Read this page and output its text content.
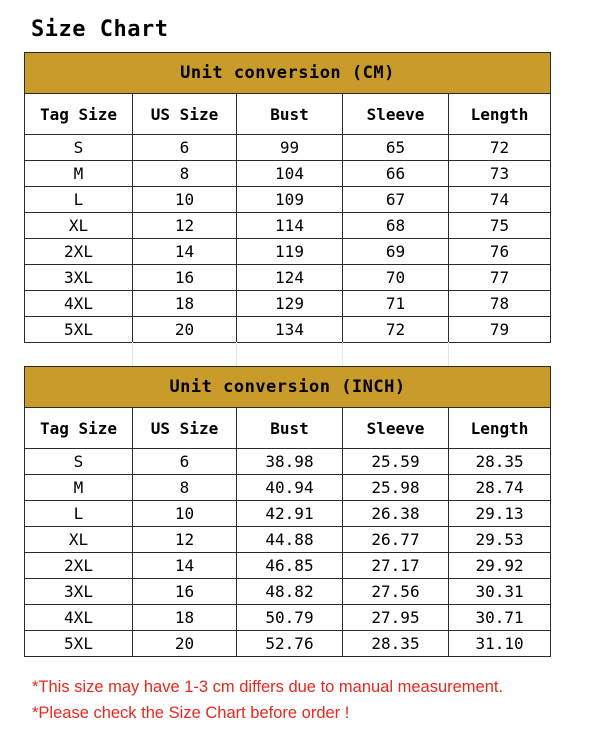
Size Chart
Unit conversion (CM)				
Tag Size	US Size	Bust	Sleeve	Length
S	6	99	65	72
M	8	104	66	73
L	10	109	67	74
XL	12	114	68	75
2XL	14	119	69	76
3XL	16	124	70	77
4XL	18	129	71	78
5XL	20	134	72	79
Unit conversion (INCH)				
Tag Size	US Size	Bust	Sleeve	Length
S	6	38.98	25.59	28.35
M	8	40.94	25.98	28.74
L	10	42.91	26.38	29.13
XL	12	44.88	26.77	29.53
2XL	14	46.85	27.17	29.92
3XL	16	48.82	27.56	30.31
4XL	18	50.79	27.95	30.71
5XL	20	52.76	28.35	31.10
*This size may have 1-3 cm differs due to manual measurement.
*Please check the Size Chart before order !
